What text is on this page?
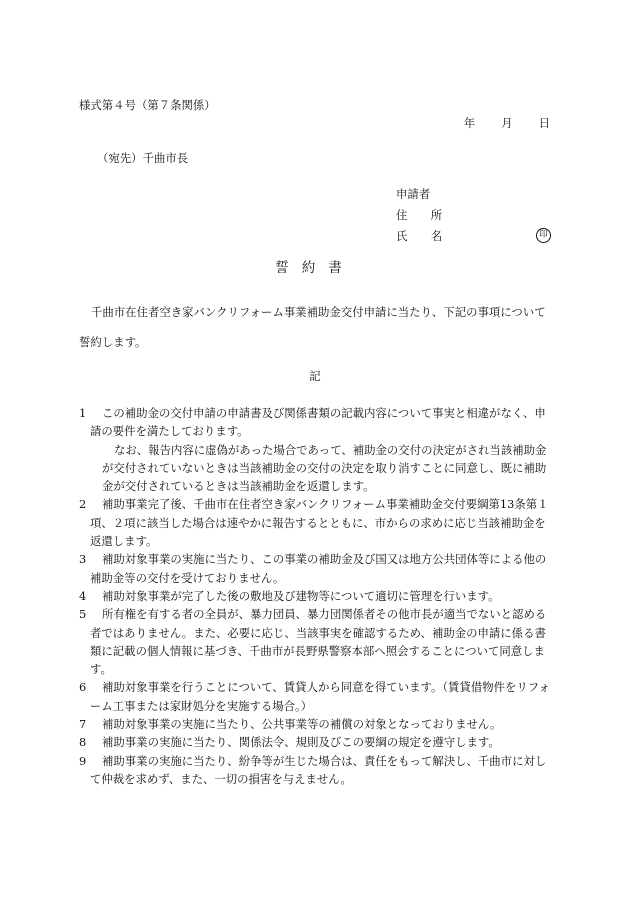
様式第４号（第７条関係）
年 月 日
（宛先）千曲市長
申請者
住　所
氏　名	印
誓約書
千曲市在住者空き家バンクリフォーム事業補助金交付申請に当たり、下記の事項について誓約します。
記
1	この補助金の交付申請の申請書及び関係書類の記載内容について事実と相違がなく、申請の要件を満たしております。
なお、報告内容に虚偽があった場合であって、補助金の交付の決定がされ当該補助金が交付されていないときは当該補助金の交付の決定を取り消すことに同意し、既に補助金が交付されているときは当該補助金を返還します。
2	補助事業完了後、千曲市在住者空き家バンクリフォーム事業補助金交付要綱第13条第１項、２項に該当した場合は速やかに報告するとともに、市からの求めに応じ当該補助金を返還します。
3	補助対象事業の実施に当たり、この事業の補助金及び国又は地方公共団体等による他の補助金等の交付を受けておりません。
4	補助対象事業が完了した後の敷地及び建物等について適切に管理を行います。
5	所有権を有する者の全員が、暴力団員、暴力団関係者その他市長が適当でないと認める者ではありません。また、必要に応じ、当該事実を確認するため、補助金の申請に係る書類に記載の個人情報に基づき、千曲市が長野県警察本部へ照会することについて同意します。
6	補助対象事業を行うことについて、賃貸人から同意を得ています。（賃貸借物件をリフォーム工事または家財処分を実施する場合。）
7	補助対象事業の実施に当たり、公共事業等の補償の対象となっておりません。
8	補助事業の実施に当たり、関係法令、規則及びこの要綱の規定を遵守します。
9	補助事業の実施に当たり、紛争等が生じた場合は、責任をもって解決し、千曲市に対して仲裁を求めず、また、一切の損害を与えません。
